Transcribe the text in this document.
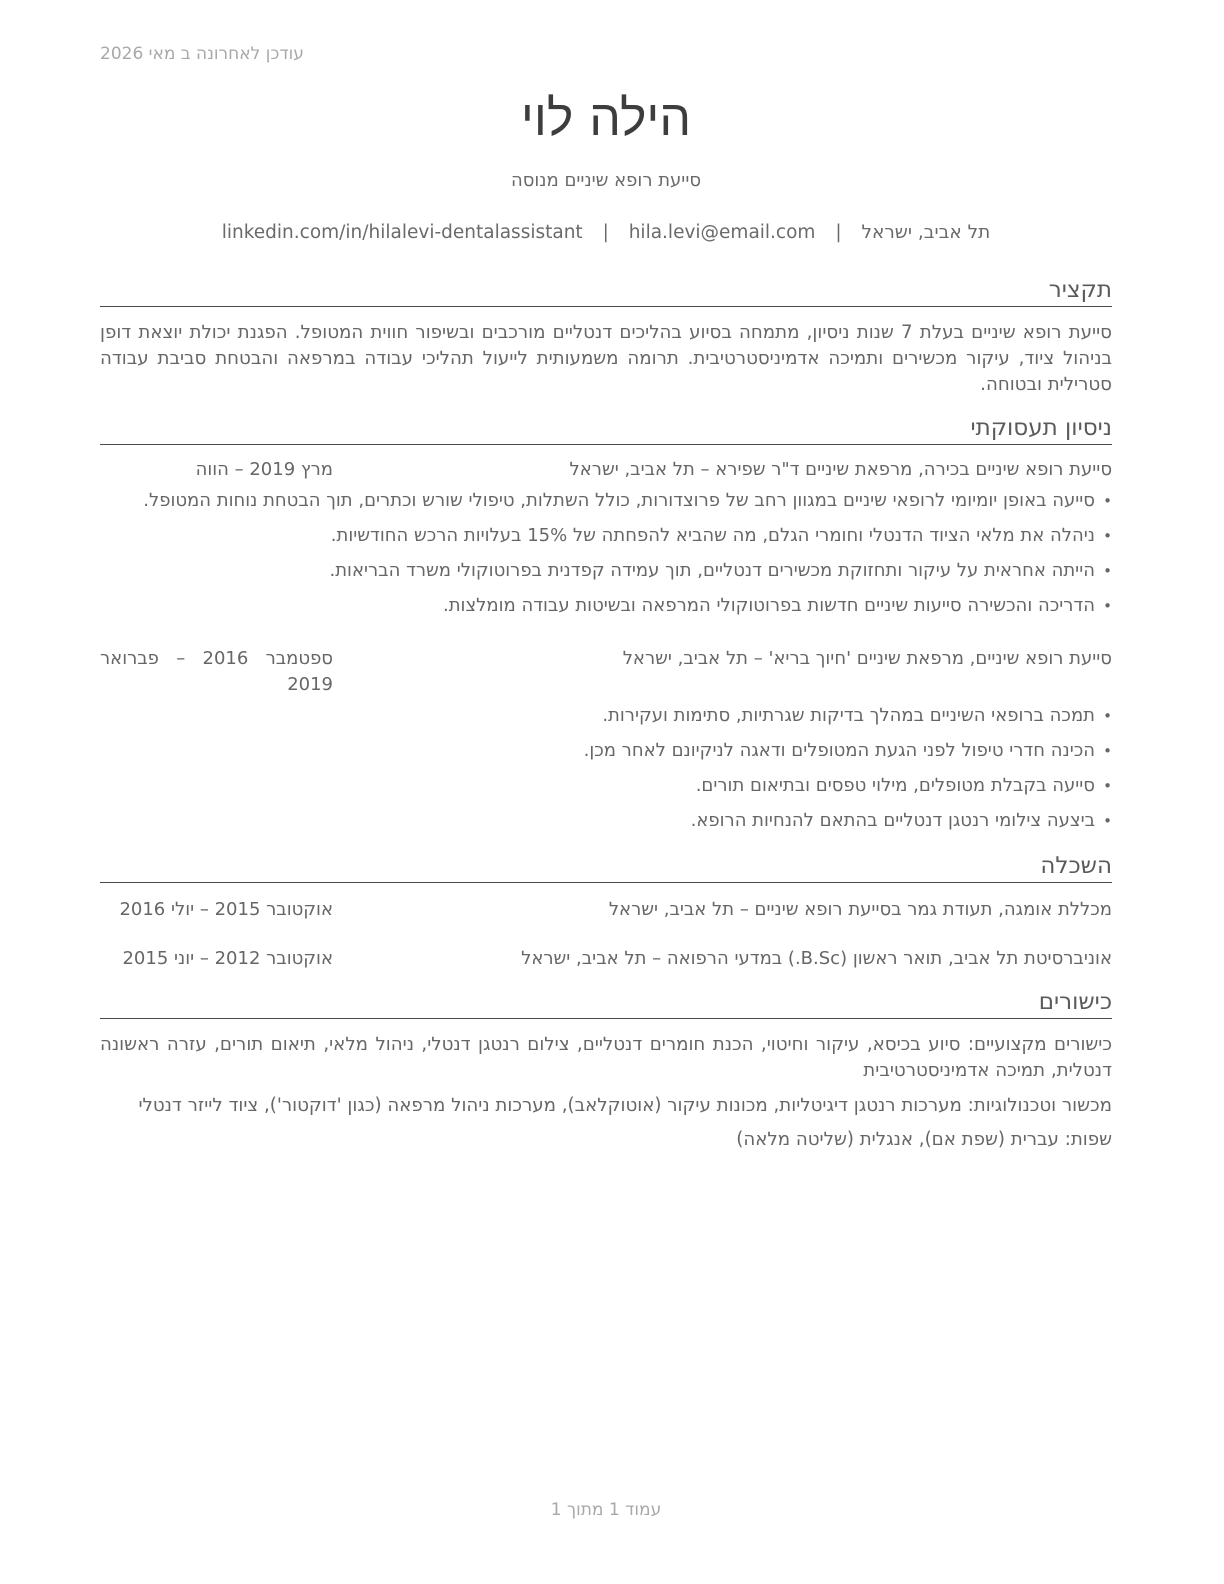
עודכן לאחרונה ב מאי 2026
הילה לוי
סייעת רופא שיניים מנוסה
תל אביב, ישראל | hila.levi@email.com | linkedin.com/in/hilalevi-dentalassistant
תקציר
סייעת רופא שיניים בעלת 7 שנות ניסיון, מתמחה בסיוע בהליכים דנטליים מורכבים ובשיפור חווית המטופל. הפגנת יכולת יוצאת דופן בניהול ציוד, עיקור מכשירים ותמיכה אדמיניסטרטיבית. תרומה משמעותית לייעול תהליכי עבודה במרפאה והבטחת סביבת עבודה סטרילית ובטוחה.
ניסיון תעסוקתי
סייעת רופא שיניים בכירה, מרפאת שיניים ד"ר שפירא – תל אביב, ישראל
מרץ 2019 – הווה
• סייעה באופן יומיומי לרופאי שיניים במגוון רחב של פרוצדורות, כולל השתלות, טיפולי שורש וכתרים, תוך הבטחת נוחות המטופל.
• ניהלה את מלאי הציוד הדנטלי וחומרי הגלם, מה שהביא להפחתה של 15% בעלויות הרכש החודשיות.
• הייתה אחראית על עיקור ותחזוקת מכשירים דנטליים, תוך עמידה קפדנית בפרוטוקולי משרד הבריאות.
• הדריכה והכשירה סייעות שיניים חדשות בפרוטוקולי המרפאה ובשיטות עבודה מומלצות.
סייעת רופא שיניים, מרפאת שיניים 'חיוך בריא' – תל אביב, ישראל
ספטמבר 2016 – פברואר 2019
• תמכה ברופאי השיניים במהלך בדיקות שגרתיות, סתימות ועקירות.
• הכינה חדרי טיפול לפני הגעת המטופלים ודאגה לניקיונם לאחר מכן.
• סייעה בקבלת מטופלים, מילוי טפסים ובתיאום תורים.
• ביצעה צילומי רנטגן דנטליים בהתאם להנחיות הרופא.
השכלה
מכללת אומגה, תעודת גמר בסייעת רופא שיניים – תל אביב, ישראל
אוקטובר 2015 – יולי 2016
אוניברסיטת תל אביב, תואר ראשון (B.Sc.) במדעי הרפואה – תל אביב, ישראל
אוקטובר 2012 – יוני 2015
כישורים
כישורים מקצועיים: סיוע בכיסא, עיקור וחיטוי, הכנת חומרים דנטליים, צילום רנטגן דנטלי, ניהול מלאי, תיאום תורים, עזרה ראשונה דנטלית, תמיכה אדמיניסטרטיבית
מכשור וטכנולוגיות: מערכות רנטגן דיגיטליות, מכונות עיקור (אוטוקלאב), מערכות ניהול מרפאה (כגון 'דוקטור'), ציוד לייזר דנטלי
שפות: עברית (שפת אם), אנגלית (שליטה מלאה)
עמוד 1 מתוך 1
